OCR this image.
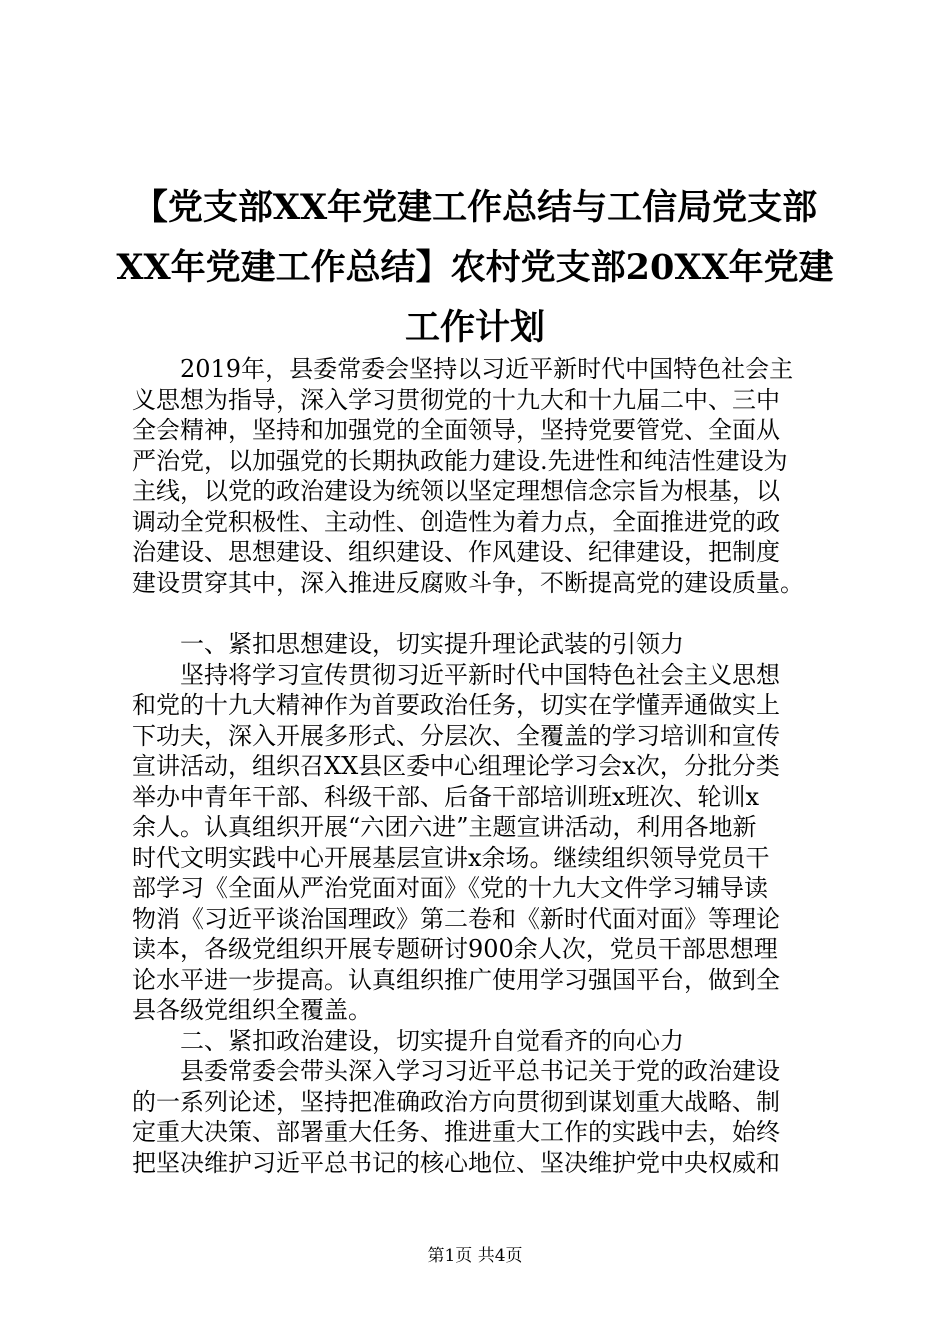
【党支部XX年党建工作总结与工信局党支部
XX年党建工作总结】农村党支部20XX年党建
工作计划

2019年，县委常委会坚持以习近平新时代中国特色社会主

义思想为指导，深入学习贯彻党的十九大和十九届二中、三中

全会精神，坚持和加强党的全面领导，坚持党要管党、全面从

严治党，以加强党的长期执政能力建设.先进性和纯洁性建设为

主线，以党的政治建设为统领以坚定理想信念宗旨为根基，以

调动全党积极性、主动性、创造性为着力点，全面推进党的政

治建设、思想建设、组织建设、作风建设、纪律建设，把制度

建设贯穿其中，深入推进反腐败斗争，不断提高党的建设质量。

一、紧扣思想建设，切实提升理论武装的引领力

坚持将学习宣传贯彻习近平新时代中国特色社会主义思想

和党的十九大精神作为首要政治任务，切实在学懂弄通做实上

下功夫，深入开展多形式、分层次、全覆盖的学习培训和宣传

宣讲活动，组织召XX县区委中心组理论学习会x次，分批分类

举办中青年干部、科级干部、后备干部培训班x班次、轮训x

余人。认真组织开展“六团六进”主题宣讲活动，利用各地新

时代文明实践中心开展基层宣讲x余场。继续组织领导党员干

部学习《全面从严治党面对面》《党的十九大文件学习辅导读

物消《习近平谈治国理政》第二卷和《新时代面对面》等理论

读本，各级党组织开展专题研讨900余人次，党员干部思想理

论水平进一步提高。认真组织推广使用学习强国平台，做到全

县各级党组织全覆盖。

二、紧扣政治建设，切实提升自觉看齐的向心力

县委常委会带头深入学习习近平总书记关于党的政治建设

的一系列论述，坚持把准确政治方向贯彻到谋划重大战略、制

定重大决策、部署重大任务、推进重大工作的实践中去，始终

把坚决维护习近平总书记的核心地位、坚决维护党中央权威和

第1页 共4页
